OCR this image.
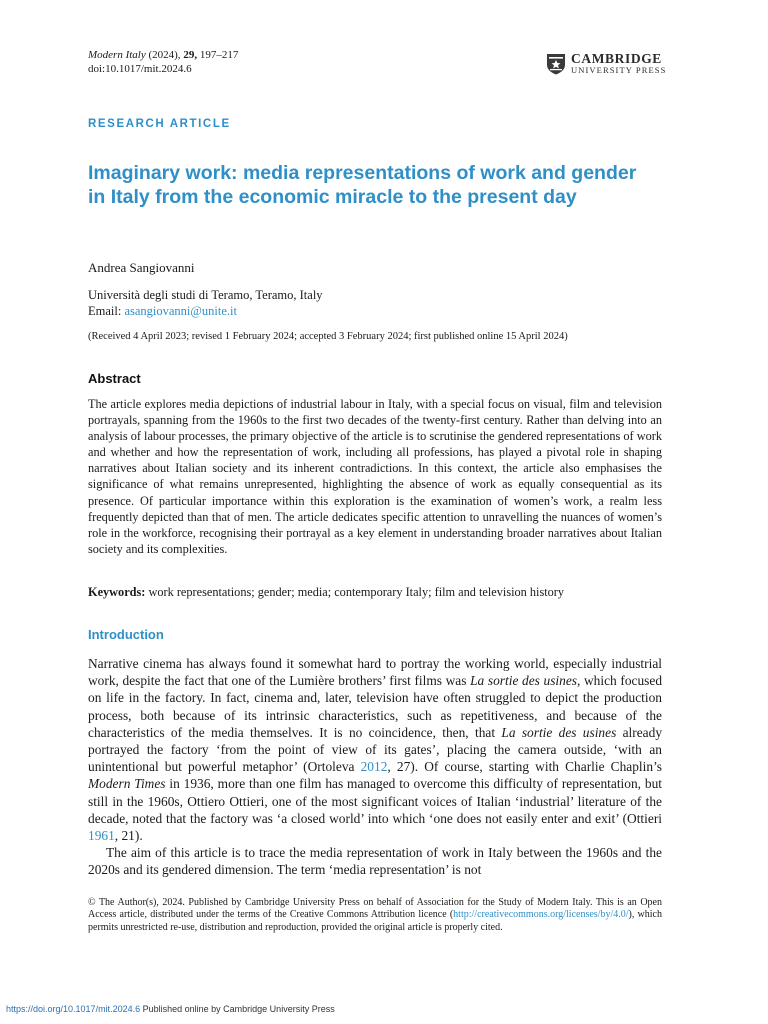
Modern Italy (2024), 29, 197–217
doi:10.1017/mit.2024.6
CAMBRIDGE
UNIVERSITY PRESS
RESEARCH ARTICLE
Imaginary work: media representations of work and gender in Italy from the economic miracle to the present day
Andrea Sangiovanni
Università degli studi di Teramo, Teramo, Italy
Email: asangiovanni@unite.it
(Received 4 April 2023; revised 1 February 2024; accepted 3 February 2024; first published online 15 April 2024)
Abstract

The article explores media depictions of industrial labour in Italy, with a special focus on visual, film and television portrayals, spanning from the 1960s to the first two decades of the twenty-first century. Rather than delving into an analysis of labour processes, the primary objective of the article is to scrutinise the gendered representations of work and whether and how the representation of work, including all professions, has played a pivotal role in shaping narratives about Italian society and its inherent contradictions. In this context, the article also emphasises the significance of what remains unrepresented, highlighting the absence of work as equally consequential as its presence. Of particular importance within this exploration is the examination of women’s work, a realm less frequently depicted than that of men. The article dedicates specific attention to unravelling the nuances of women’s role in the workforce, recognising their portrayal as a key element in understanding broader narratives about Italian society and its complexities.

Keywords: work representations; gender; media; contemporary Italy; film and television history
Introduction

Narrative cinema has always found it somewhat hard to portray the working world, especially industrial work, despite the fact that one of the Lumière brothers’ first films was La sortie des usines, which focused on life in the factory. In fact, cinema and, later, television have often struggled to depict the production process, both because of its intrinsic characteristics, such as repetitiveness, and because of the characteristics of the media themselves. It is no coincidence, then, that La sortie des usines already portrayed the factory ‘from the point of view of its gates’, placing the camera outside, ‘with an unintentional but powerful metaphor’ (Ortoleva 2012, 27). Of course, starting with Charlie Chaplin’s Modern Times in 1936, more than one film has managed to overcome this difficulty of representation, but still in the 1960s, Ottiero Ottieri, one of the most significant voices of Italian ‘industrial’ literature of the decade, noted that the factory was ‘a closed world’ into which ‘one does not easily enter and exit’ (Ottieri 1961, 21).

The aim of this article is to trace the media representation of work in Italy between the 1960s and the 2020s and its gendered dimension. The term ‘media representation’ is not

© The Author(s), 2024. Published by Cambridge University Press on behalf of Association for the Study of Modern Italy. This is an Open Access article, distributed under the terms of the Creative Commons Attribution licence (http://creativecommons.org/licenses/by/4.0/), which permits unrestricted re-use, distribution and reproduction, provided the original article is properly cited.
https://doi.org/10.1017/mit.2024.6 Published online by Cambridge University Press
